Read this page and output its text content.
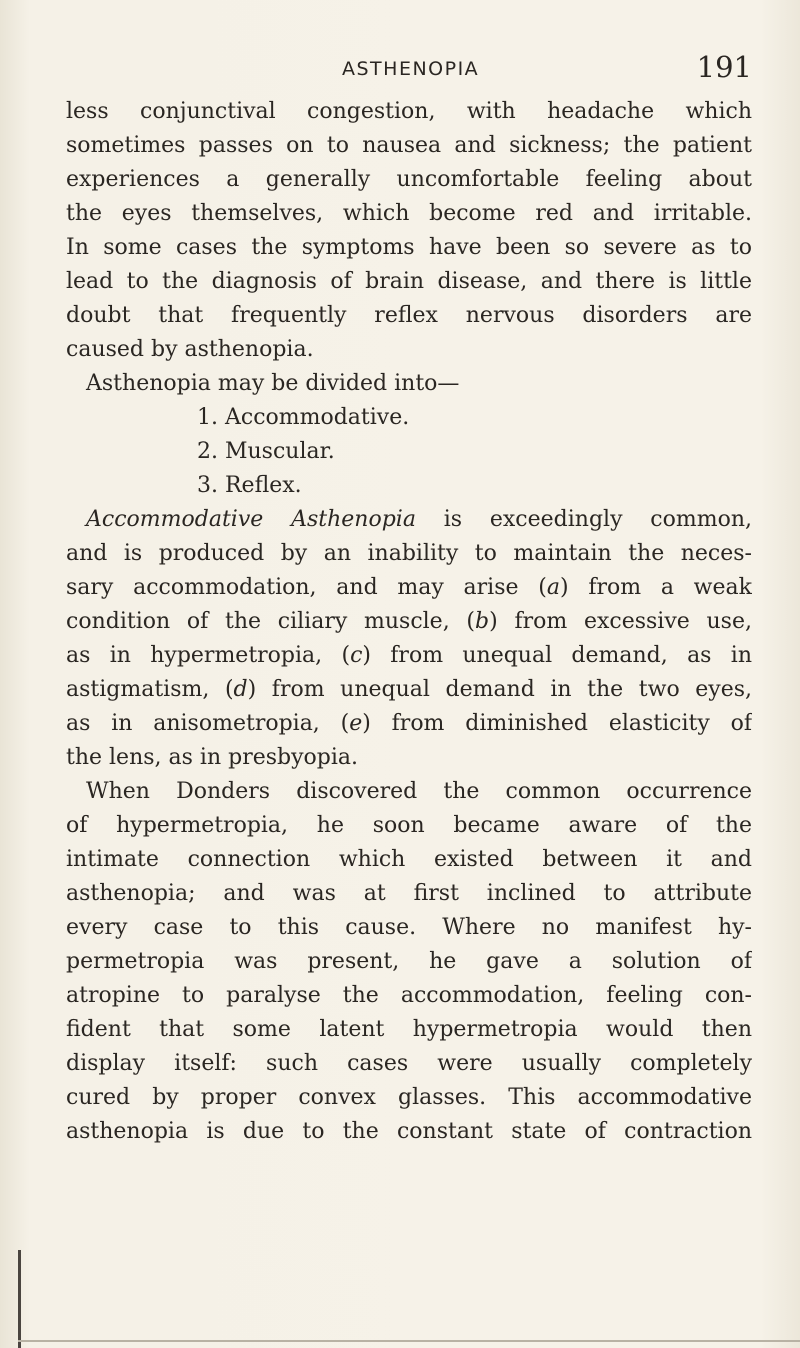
ASTHENOPIA	191
less conjunctival congestion, with headache which
sometimes passes on to nausea and sickness; the patient
experiences a generally uncomfortable feeling about
the eyes themselves, which become red and irritable.
In some cases the symptoms have been so severe as to
lead to the diagnosis of brain disease, and there is little
doubt that frequently reflex nervous disorders are
caused by asthenopia.
Asthenopia may be divided into—
1. Accommodative.
2. Muscular.
3. Reflex.
Accommodative Asthenopia is exceedingly common,
and is produced by an inability to maintain the neces-
sary accommodation, and may arise (a) from a weak
condition of the ciliary muscle, (b) from excessive use,
as in hypermetropia, (c) from unequal demand, as in
astigmatism, (d) from unequal demand in the two eyes,
as in anisometropia, (e) from diminished elasticity of
the lens, as in presbyopia.
When Donders discovered the common occurrence
of hypermetropia, he soon became aware of the
intimate connection which existed between it and
asthenopia; and was at first inclined to attribute
every case to this cause. Where no manifest hy-
permetropia was present, he gave a solution of
atropine to paralyse the accommodation, feeling con-
fident that some latent hypermetropia would then
display itself: such cases were usually completely
cured by proper convex glasses. This accommodative
asthenopia is due to the constant state of contraction
